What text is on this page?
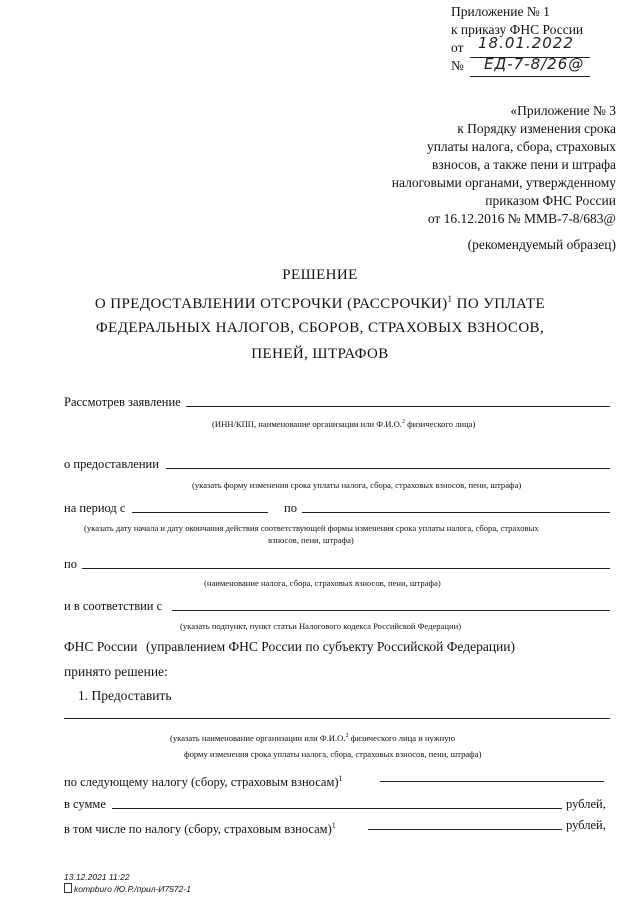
Приложение № 1
к приказу ФНС России
от 18.01.2022
№ ЕД-7-8/26@
«Приложение № 3
к Порядку изменения срока
уплаты налога, сбора, страховых
взносов, а также пени и штрафа
налоговыми органами, утвержденному
приказом ФНС России
от 16.12.2016 № ММВ-7-8/683@
(рекомендуемый образец)
РЕШЕНИЕ
О ПРЕДОСТАВЛЕНИИ ОТСРОЧКИ (РАССРОЧКИ)$^1$ ПО УПЛАТЕ
ФЕДЕРАЛЬНЫХ НАЛОГОВ, СБОРОВ, СТРАХОВЫХ ВЗНОСОВ,
ПЕНЕЙ, ШТРАФОВ
Рассмотрев заявление
(ИНН/КПП, наименование организации или Ф.И.О.$^2$ физического лица)
о предоставлении
(указать форму изменения срока уплаты налога, сбора, страховых взносов, пени, штрафа)
на период с	по
(указать дату начала и дату окончания действия соответствующей формы изменения срока уплаты налога, сбора, страховых
взносов, пени, штрафа)
по
(наименование налога, сбора, страховых взносов, пени, штрафа)
и в соответствии с
(указать подпункт, пункт статьи Налогового кодекса Российской Федерации)
ФНС России (управлением ФНС России по субъекту Российской Федерации)
принято решение:
1. Предоставить
(указать наименование организации или Ф.И.О.$^2$ физического лица и нужную
форму изменения срока уплаты налога, сбора, страховых взносов, пени, штрафа)
по следующему налогу (сбору, страховым взносам)$^1$
в сумме	рублей,
в том числе по налогу (сбору, страховым взносам)$^1$	рублей,
13.12.2021 11:22
kompburo /Ю.Р./прил-И7572-1
